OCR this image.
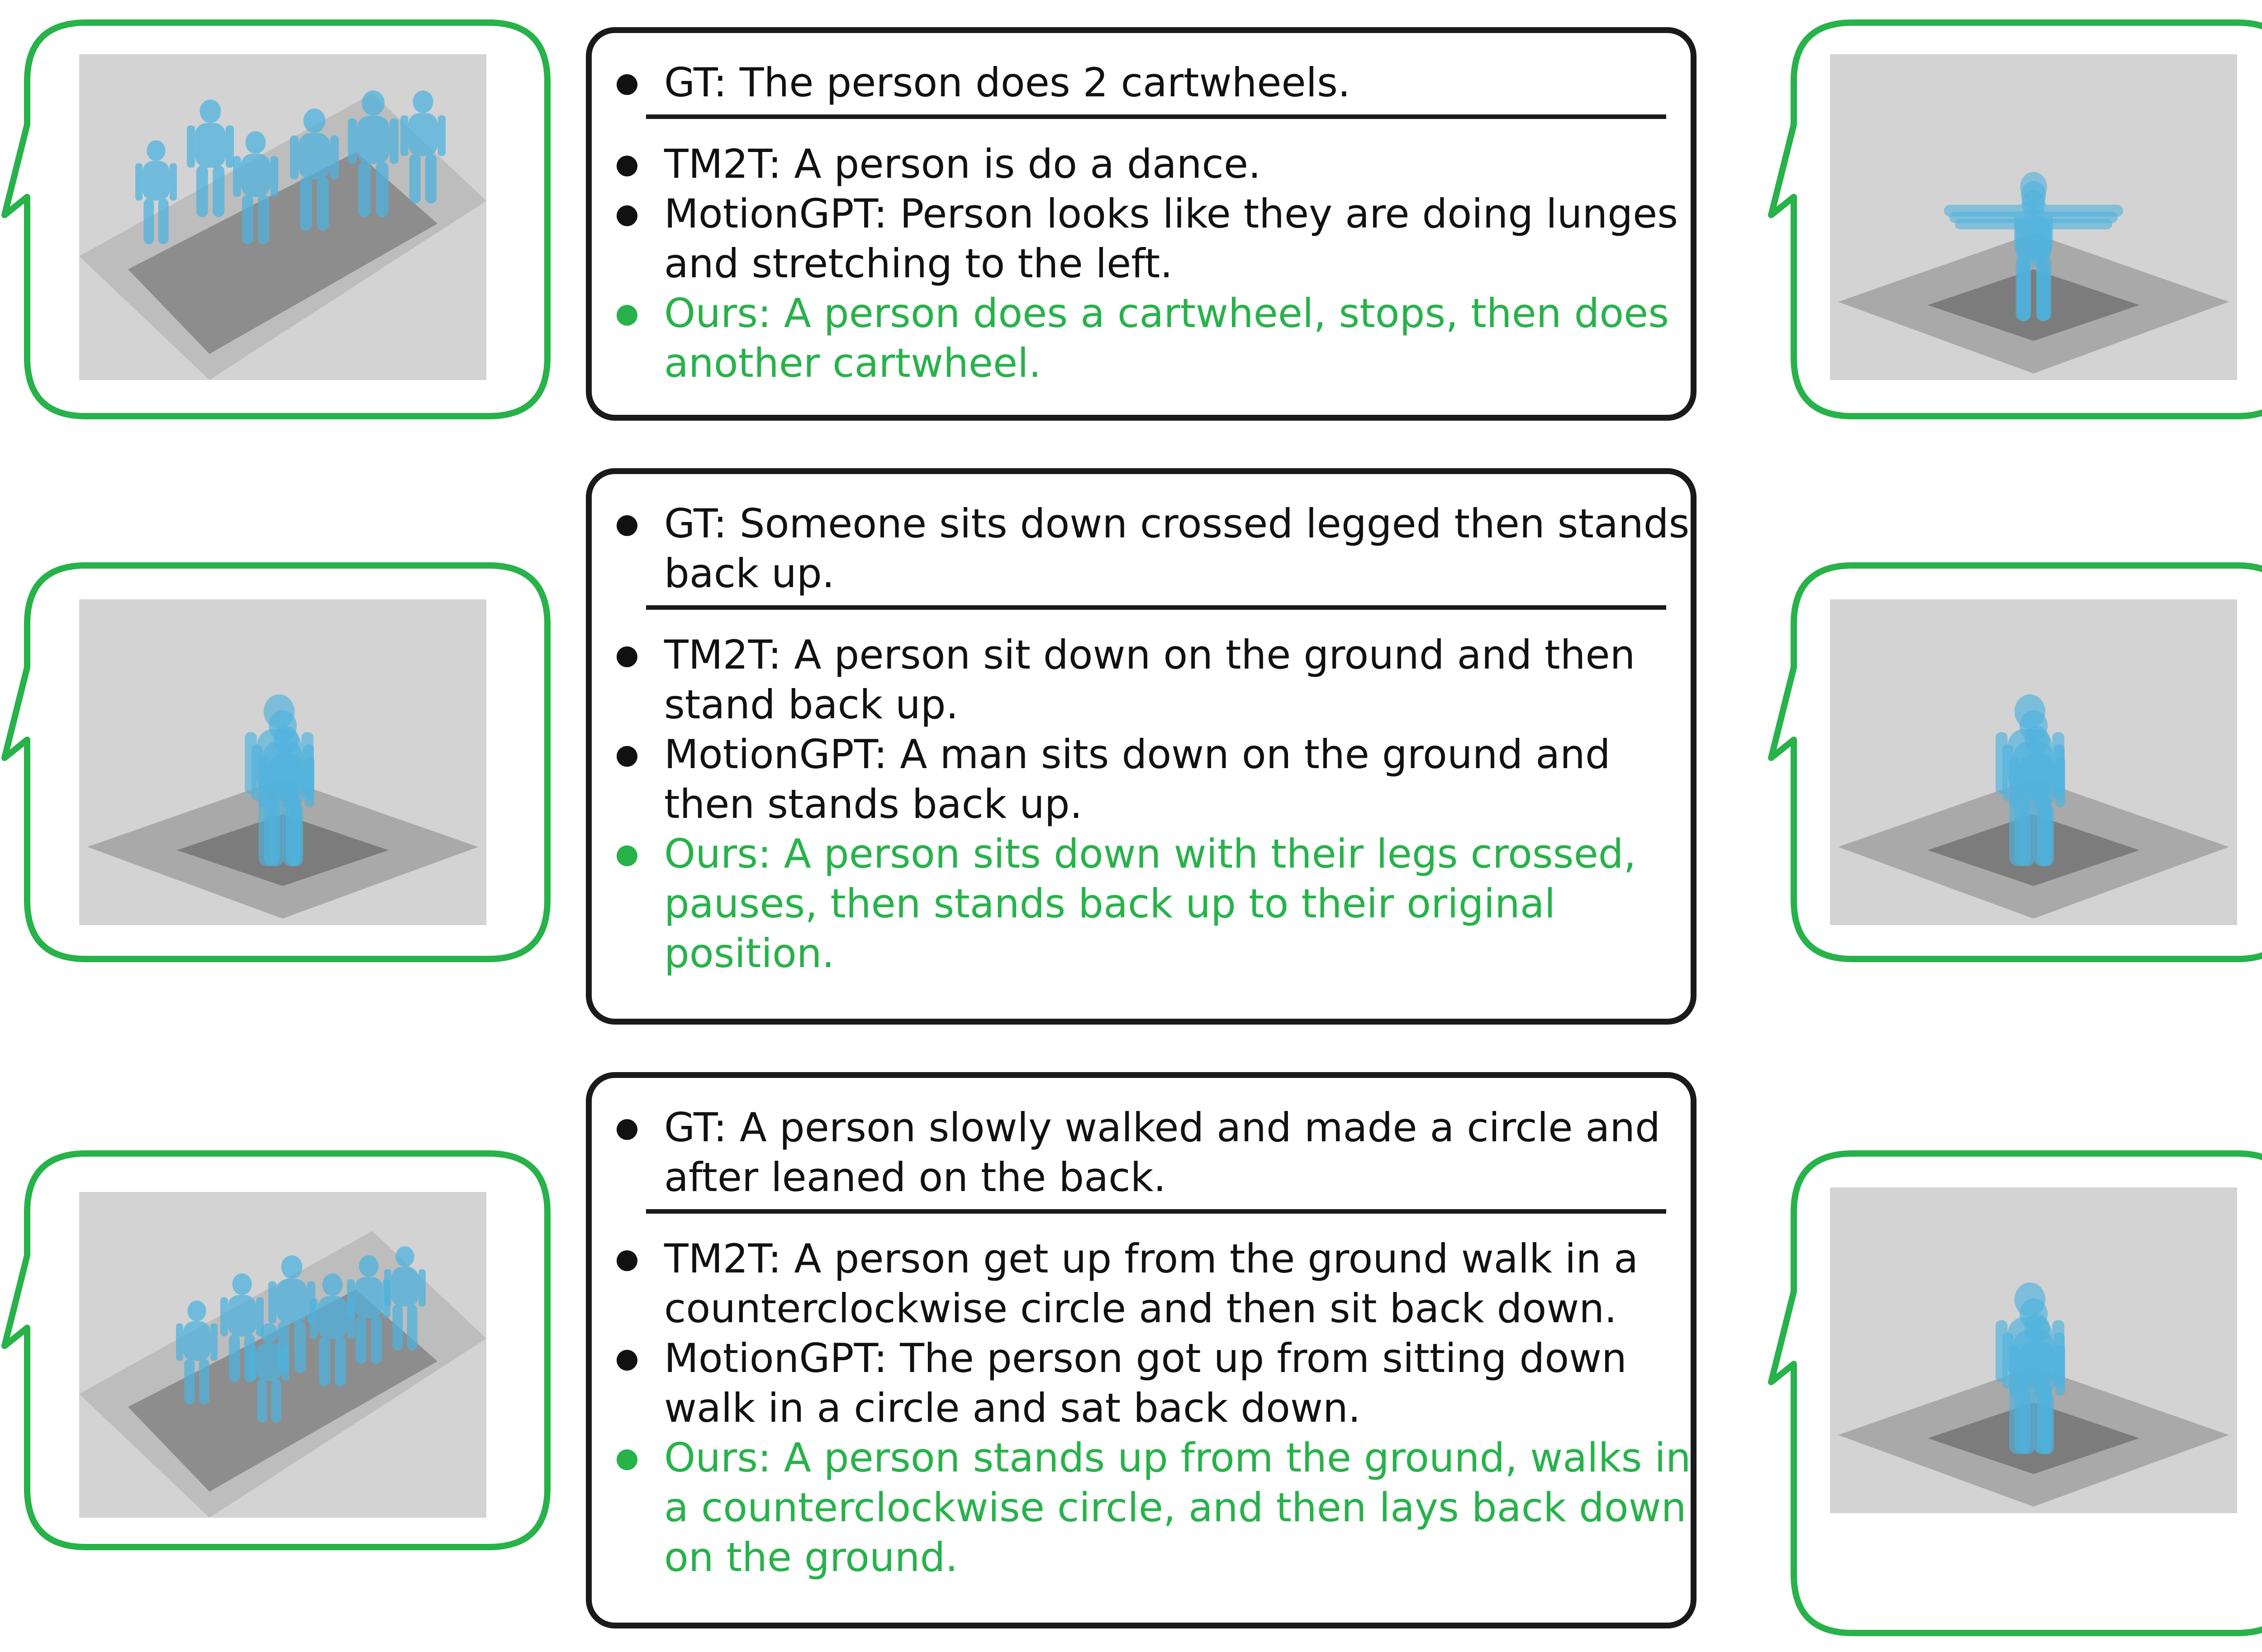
GT: The person does 2 cartwheels.
TM2T: A person is do a dance.
MotionGPT: Person looks like they are doing lunges
and stretching to the left.
Ours: A person does a cartwheel, stops, then does
another cartwheel.
GT: Someone sits down crossed legged then stands
back up.
TM2T: A person sit down on the ground and then
stand back up.
MotionGPT: A man sits down on the ground and
then stands back up.
Ours: A person sits down with their legs crossed,
pauses, then stands back up to their original
position.
GT: A person slowly walked and made a circle and
after leaned on the back.
TM2T: A person get up from the ground walk in a
counterclockwise circle and then sit back down.
MotionGPT: The person got up from sitting down
walk in a circle and sat back down.
Ours: A person stands up from the ground, walks in
a counterclockwise circle, and then lays back down
on the ground.
